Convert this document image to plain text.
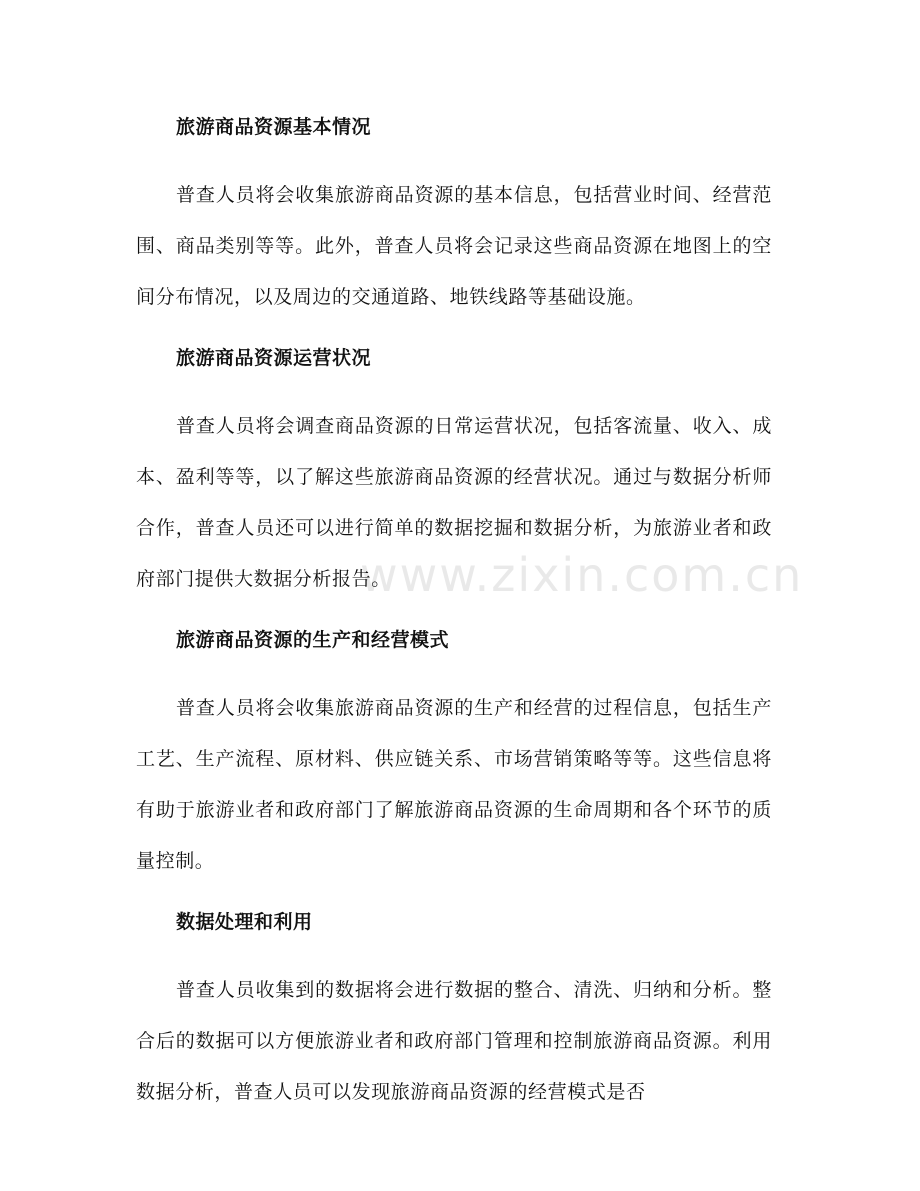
www.zixin.com.cn
旅游商品资源基本情况

普查人员将会收集旅游商品资源的基本信息，包括营业时间、经营范围、商品类别等等。此外，普查人员将会记录这些商品资源在地图上的空间分布情况，以及周边的交通道路、地铁线路等基础设施。

旅游商品资源运营状况

普查人员将会调查商品资源的日常运营状况，包括客流量、收入、成本、盈利等等，以了解这些旅游商品资源的经营状况。通过与数据分析师合作，普查人员还可以进行简单的数据挖掘和数据分析，为旅游业者和政府部门提供大数据分析报告。

旅游商品资源的生产和经营模式

普查人员将会收集旅游商品资源的生产和经营的过程信息，包括生产工艺、生产流程、原材料、供应链关系、市场营销策略等等。这些信息将有助于旅游业者和政府部门了解旅游商品资源的生命周期和各个环节的质量控制。

数据处理和利用

普查人员收集到的数据将会进行数据的整合、清洗、归纳和分析。整合后的数据可以方便旅游业者和政府部门管理和控制旅游商品资源。利用数据分析，普查人员可以发现旅游商品资源的经营模式是否
